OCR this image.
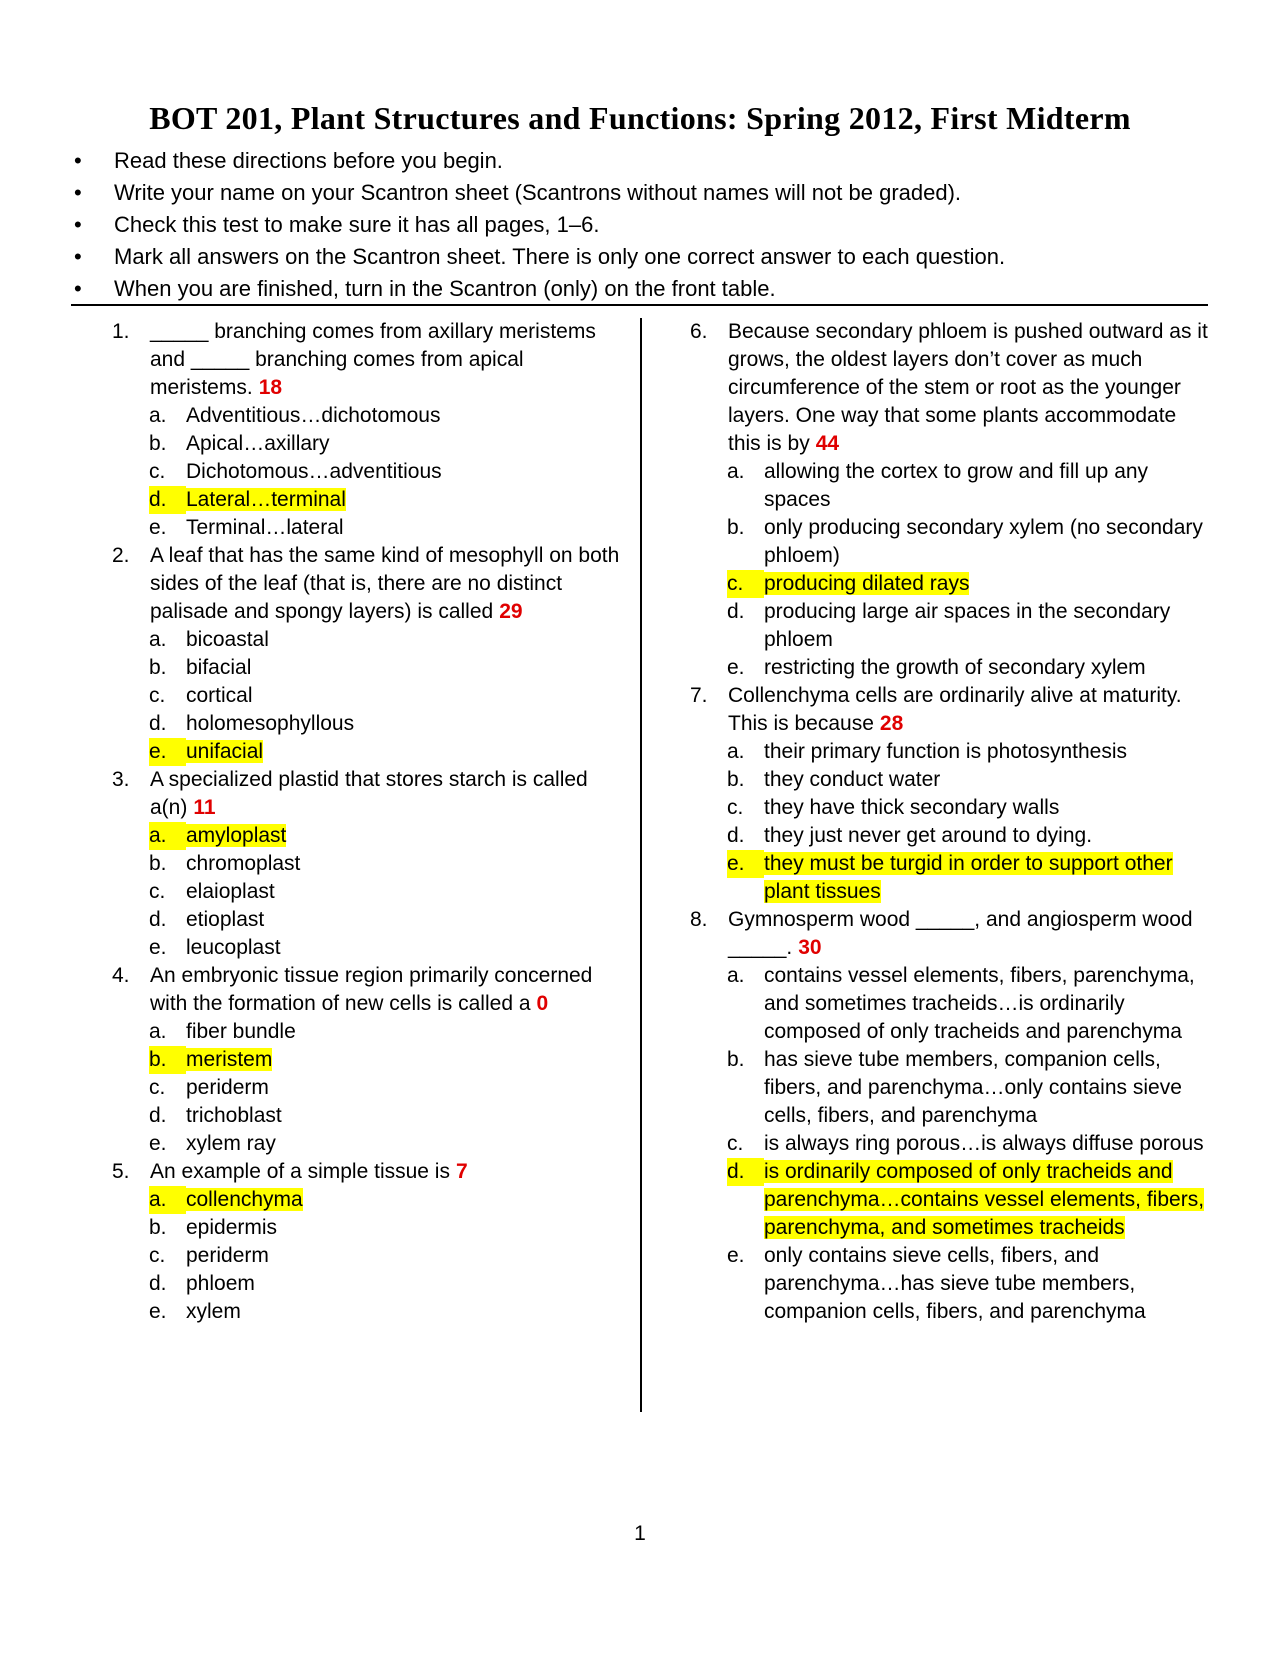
BOT 201, Plant Structures and Functions: Spring 2012, First Midterm
• Read these directions before you begin.
• Write your name on your Scantron sheet (Scantrons without names will not be graded).
• Check this test to make sure it has all pages, 1–6.
• Mark all answers on the Scantron sheet. There is only one correct answer to each question.
• When you are finished, turn in the Scantron (only) on the front table.
1. _____ branching comes from axillary meristems and _____ branching comes from apical meristems. 18
a. Adventitious…dichotomous
b. Apical…axillary
c. Dichotomous…adventitious
d. Lateral…terminal
e. Terminal…lateral
2. A leaf that has the same kind of mesophyll on both sides of the leaf (that is, there are no distinct palisade and spongy layers) is called 29
a. bicoastal
b. bifacial
c. cortical
d. holomesophyllous
e. unifacial
3. A specialized plastid that stores starch is called a(n) 11
a. amyloplast
b. chromoplast
c. elaioplast
d. etioplast
e. leucoplast
4. An embryonic tissue region primarily concerned with the formation of new cells is called a 0
a. fiber bundle
b. meristem
c. periderm
d. trichoblast
e. xylem ray
5. An example of a simple tissue is 7
a. collenchyma
b. epidermis
c. periderm
d. phloem
e. xylem
6. Because secondary phloem is pushed outward as it grows, the oldest layers don’t cover as much circumference of the stem or root as the younger layers. One way that some plants accommodate this is by 44
a. allowing the cortex to grow and fill up any spaces
b. only producing secondary xylem (no secondary phloem)
c. producing dilated rays
d. producing large air spaces in the secondary phloem
e. restricting the growth of secondary xylem
7. Collenchyma cells are ordinarily alive at maturity. This is because 28
a. their primary function is photosynthesis
b. they conduct water
c. they have thick secondary walls
d. they just never get around to dying.
e. they must be turgid in order to support other plant tissues
8. Gymnosperm wood _____, and angiosperm wood _____. 30
a. contains vessel elements, fibers, parenchyma, and sometimes tracheids…is ordinarily composed of only tracheids and parenchyma
b. has sieve tube members, companion cells, fibers, and parenchyma…only contains sieve cells, fibers, and parenchyma
c. is always ring porous…is always diffuse porous
d. is ordinarily composed of only tracheids and parenchyma…contains vessel elements, fibers, parenchyma, and sometimes tracheids
e. only contains sieve cells, fibers, and parenchyma…has sieve tube members, companion cells, fibers, and parenchyma
1
